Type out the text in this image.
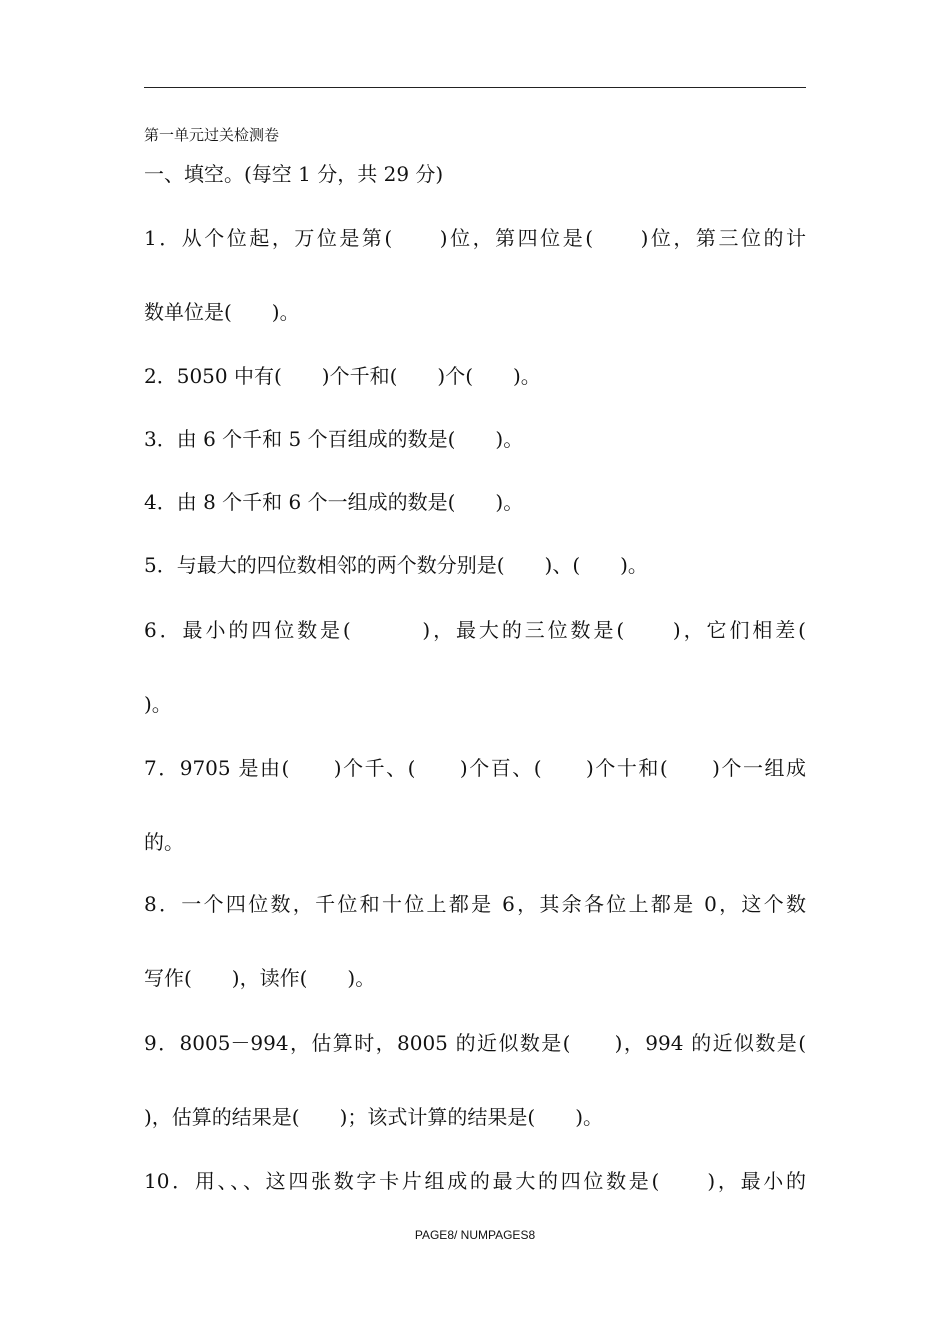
第一单元过关检测卷
一、填空。(每空 1 分，共 29 分)
1．从个位起，万位是第(　　)位，第四位是(　　)位，第三位的计
数单位是(　　)。
2．5050 中有(　　)个千和(　　)个(　　)。
3．由 6 个千和 5 个百组成的数是(　　)。
4．由 8 个千和 6 个一组成的数是(　　)。
5．与最大的四位数相邻的两个数分别是(　　)、(　　)。
6．最小的四位数是(　　　)，最大的三位数是(　　)，它们相差(
)。
7．9705 是由(　　)个千、(　　)个百、(　　)个十和(　　)个一组成
的。
8．一个四位数，千位和十位上都是 6，其余各位上都是 0，这个数
写作(　　)，读作(　　)。
9．8005－994，估算时，8005 的近似数是(　　)，994 的近似数是(
)，估算的结果是(　　)；该式计算的结果是(　　)。
10．用、、、这四张数字卡片组成的最大的四位数是(　　)，最小的
PAGE8/ NUMPAGES8
